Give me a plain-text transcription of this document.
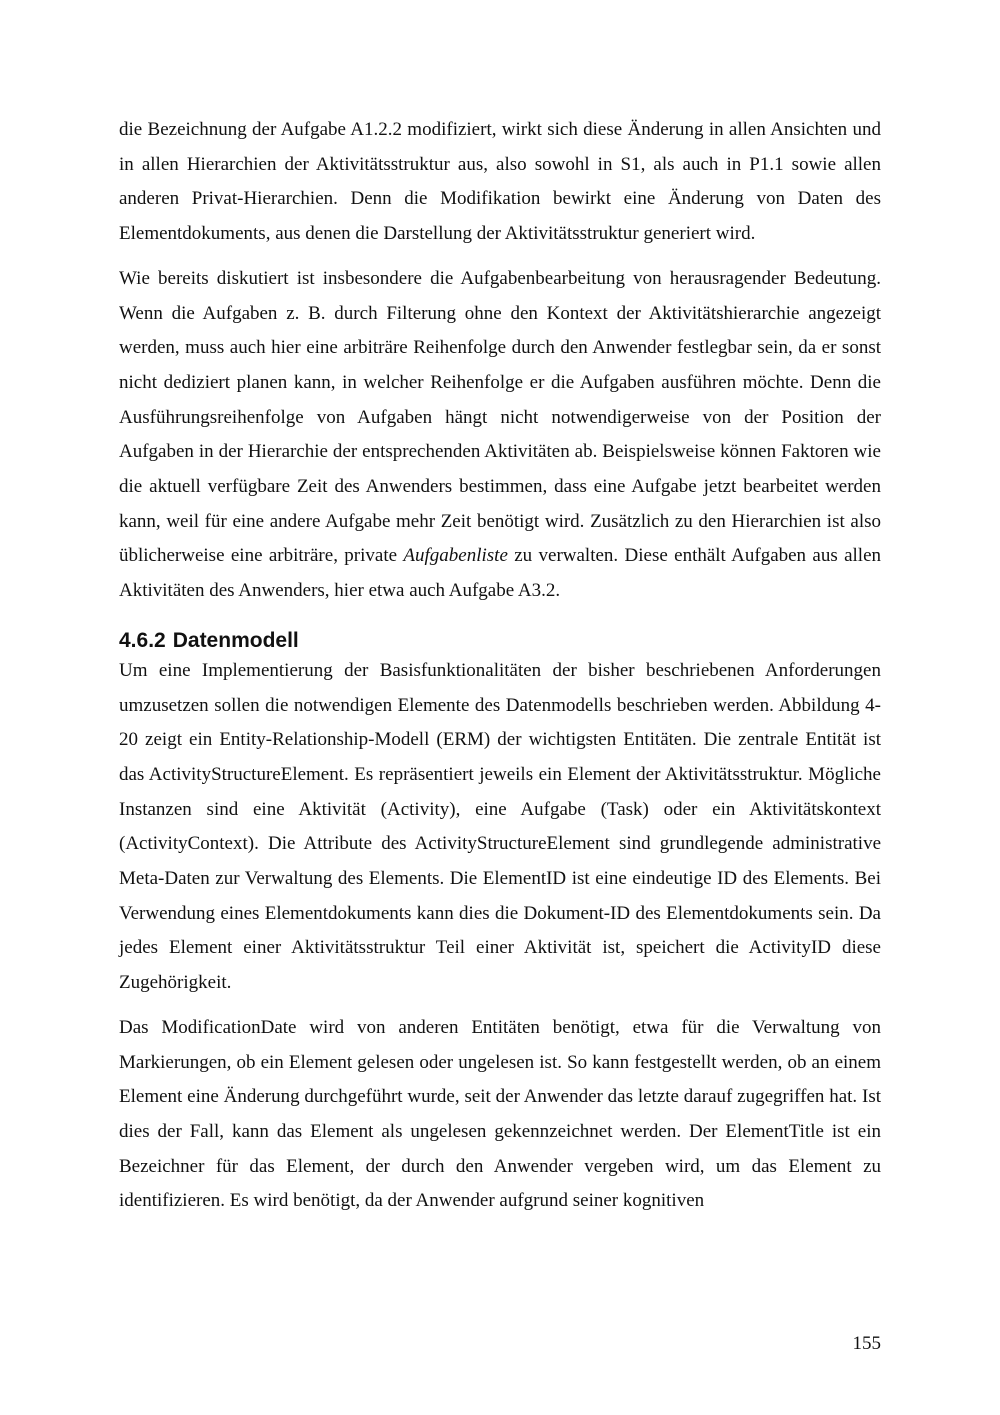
die Bezeichnung der Aufgabe A1.2.2 modifiziert, wirkt sich diese Änderung in allen Ansichten und in allen Hierarchien der Aktivitätsstruktur aus, also sowohl in S1, als auch in P1.1 sowie allen anderen Privat-Hierarchien. Denn die Modifikation bewirkt eine Änderung von Daten des Elementdokuments, aus denen die Darstellung der Aktivitätsstruktur generiert wird.

Wie bereits diskutiert ist insbesondere die Aufgabenbearbeitung von herausragender Bedeutung. Wenn die Aufgaben z. B. durch Filterung ohne den Kontext der Aktivitätshierarchie angezeigt werden, muss auch hier eine arbiträre Reihenfolge durch den Anwender festlegbar sein, da er sonst nicht dediziert planen kann, in welcher Reihenfolge er die Aufgaben ausführen möchte. Denn die Ausführungsreihenfolge von Aufgaben hängt nicht notwendigerweise von der Position der Aufgaben in der Hierarchie der entsprechenden Aktivitäten ab. Beispielsweise können Faktoren wie die aktuell verfügbare Zeit des Anwenders bestimmen, dass eine Aufgabe jetzt bearbeitet werden kann, weil für eine andere Aufgabe mehr Zeit benötigt wird. Zusätzlich zu den Hierarchien ist also üblicherweise eine arbiträre, private Aufgabenliste zu verwalten. Diese enthält Aufgaben aus allen Aktivitäten des Anwenders, hier etwa auch Aufgabe A3.2.

4.6.2 Datenmodell

Um eine Implementierung der Basisfunktionalitäten der bisher beschriebenen Anforderungen umzusetzen sollen die notwendigen Elemente des Datenmodells beschrieben werden. Abbildung 4-20 zeigt ein Entity-Relationship-Modell (ERM) der wichtigsten Entitäten. Die zentrale Entität ist das ActivityStructureElement. Es repräsentiert jeweils ein Element der Aktivitätsstruktur. Mögliche Instanzen sind eine Aktivität (Activity), eine Aufgabe (Task) oder ein Aktivitätskontext (ActivityContext). Die Attribute des ActivityStructureElement sind grundlegende administrative Meta-Daten zur Verwaltung des Elements. Die ElementID ist eine eindeutige ID des Elements. Bei Verwendung eines Elementdokuments kann dies die Dokument-ID des Elementdokuments sein. Da jedes Element einer Aktivitätsstruktur Teil einer Aktivität ist, speichert die ActivityID diese Zugehörigkeit.

Das ModificationDate wird von anderen Entitäten benötigt, etwa für die Verwaltung von Markierungen, ob ein Element gelesen oder ungelesen ist. So kann festgestellt werden, ob an einem Element eine Änderung durchgeführt wurde, seit der Anwender das letzte darauf zugegriffen hat. Ist dies der Fall, kann das Element als ungelesen gekennzeichnet werden. Der ElementTitle ist ein Bezeichner für das Element, der durch den Anwender vergeben wird, um das Element zu identifizieren. Es wird benötigt, da der Anwender aufgrund seiner kognitiven

155
